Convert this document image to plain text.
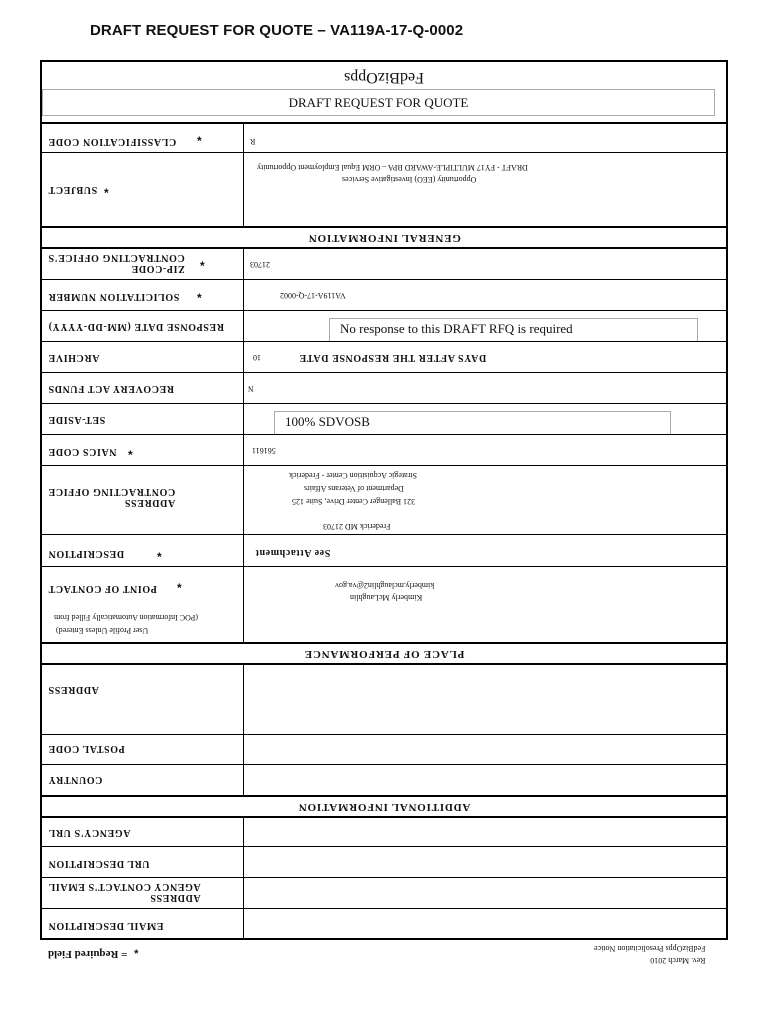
DRAFT REQUEST FOR QUOTE – VA119A-17-Q-0002
FedBizOpps
DRAFT REQUEST FOR QUOTE
CLASSIFICATION CODE *	R
SUBJECT *
DRAFT - FY17 MULTIPLE-AWARD BPA – ORM Equal Employment Opportunity
Opportunity (EEO) Investigative Services
GENERAL INFORMATION
CONTRACTING OFFICE'S
ZIP-CODE *	21703
SOLICITATION NUMBER *	VA119A-17-Q-0002
RESPONSE DATE (MM-DD-YYYY)	No response to this DRAFT RFQ is required
ARCHIVE	10	DAYS AFTER THE RESPONSE DATE
RECOVERY ACT FUNDS	N
SET-ASIDE	100% SDVOSB
NAICS CODE *	561611
CONTRACTING OFFICE
ADDRESS
Strategic Acquisition Center - Frederick
Department of Veterans Affairs
321 Ballenger Center Drive, Suite 125
Frederick MD 21703
DESCRIPTION	*	See Attachment
POINT OF CONTACT *
(POC Information Automatically Filled from
User Profile Unless Entered)
kimberly.mclaughlin2@va.gov
Kimberly McLaughlin
PLACE OF PERFORMANCE
ADDRESS
POSTAL CODE
COUNTRY
ADDITIONAL INFORMATION
AGENCY'S URL
URL DESCRIPTION
AGENCY CONTACT'S EMAIL
ADDRESS
EMAIL DESCRIPTION
= Required Field *	FedBizOpps Presolicitation Notice
Rev. March 2010
